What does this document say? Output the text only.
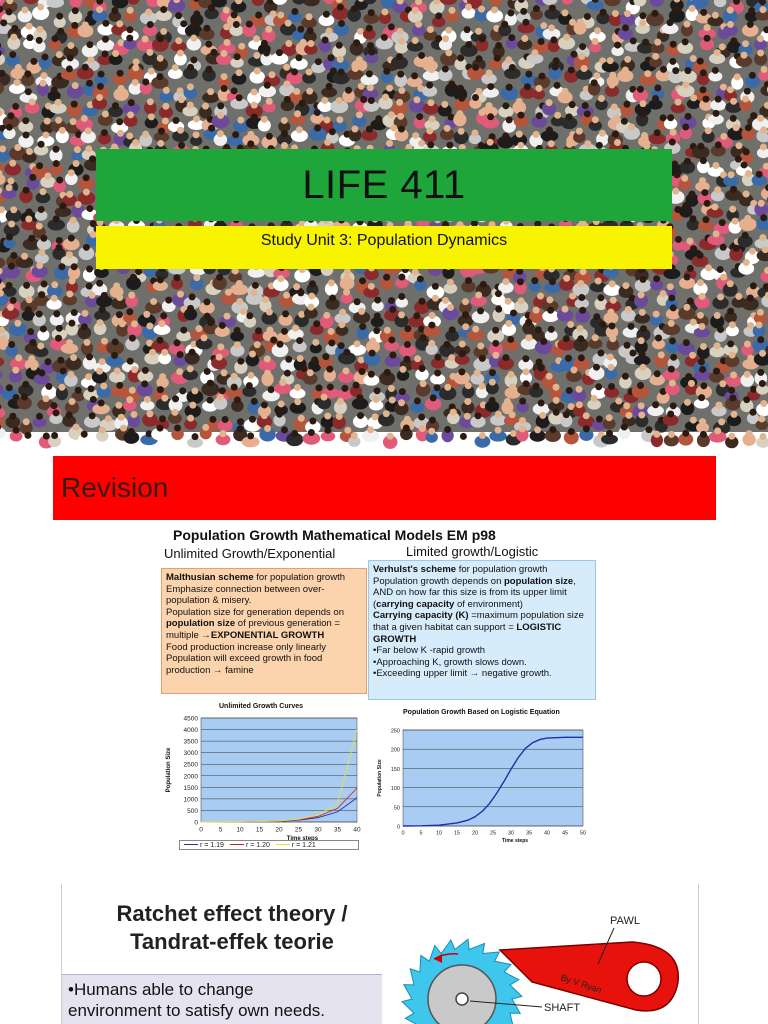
LIFE 411
Study Unit 3: Population Dynamics
Revision
Population Growth Mathematical Models EM p98
Unlimited Growth/Exponential	Limited growth/Logistic
Malthusian scheme for population growth
Emphasize connection between over-
population & misery.
Population size for generation depends on
population size of previous generation =
multiple →EXPONENTIAL GROWTH
Food production increase only linearly
Population will exceed growth in food
production → famine
Verhulst's scheme for population growth
Population growth depends on population size,
AND on how far this size is from its upper limit
(carrying capacity of environment)
Carrying capacity (K) =maximum population size
that a given habitat can support = LOGISTIC
GROWTH
•Far below K -rapid growth
•Approaching K, growth slows down.
•Exceeding upper limit → negative growth.
Unlimited Growth Curves
Population Growth Based on Logistic Equation
0
500
1000
1500
2000
2500
3000
3500
4000
4500
0 5 10 15 20 25 30 35 40
Time steps
Population Size
0
50
100
150
200
250
0	5 10 15 20 25 30 35 40 45 50
Time steps
Population Size
r = 1.19	r = 1.20	r = 1.21
Ratchet effect theory /
Tandrat-effek teorie
•Humans able to change
environment to satisfy own needs.
By V Ryan
PAWL
SHAFT
